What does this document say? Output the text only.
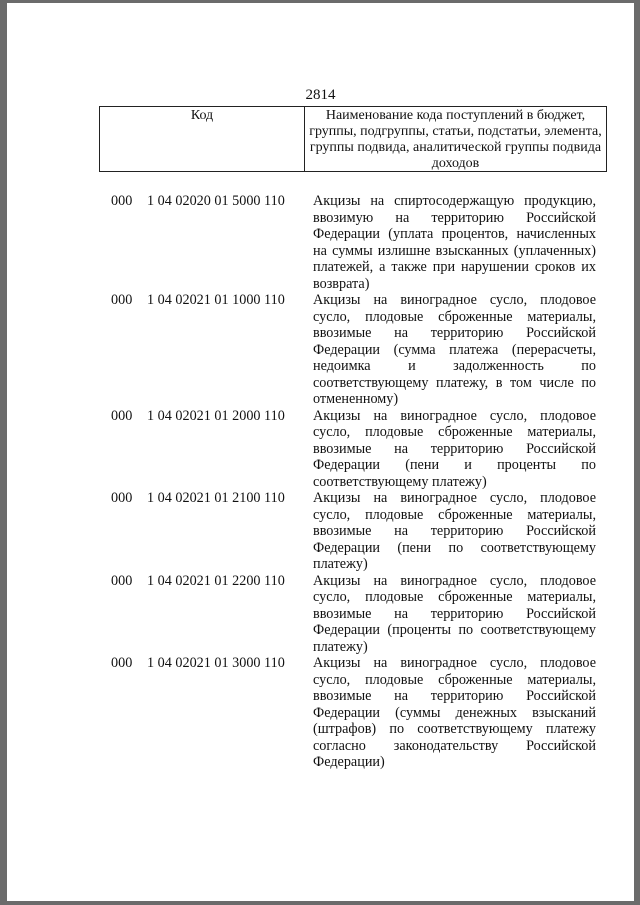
2814
Код	Наименование кода поступлений в бюджет, группы, подгруппы, статьи, подстатьи, элемента, группы подвида, аналитической группы подвида доходов
000	1 04 02020 01 5000 110	Акцизы на спиртосодержащую продукцию, ввозимую на территорию Российской Федерации (уплата процентов, начисленных на суммы излишне взысканных (уплаченных) платежей, а также при нарушении сроков их возврата)
000	1 04 02021 01 1000 110	Акцизы на виноградное сусло, плодовое сусло, плодовые сброженные материалы, ввозимые на территорию Российской Федерации (сумма платежа (перерасчеты, недоимка и задолженность по соответствующему платежу, в том числе по отмененному)
000	1 04 02021 01 2000 110	Акцизы на виноградное сусло, плодовое сусло, плодовые сброженные материалы, ввозимые на территорию Российской Федерации (пени и проценты по соответствующему платежу)
000	1 04 02021 01 2100 110	Акцизы на виноградное сусло, плодовое сусло, плодовые сброженные материалы, ввозимые на территорию Российской Федерации (пени по соответствующему платежу)
000	1 04 02021 01 2200 110	Акцизы на виноградное сусло, плодовое сусло, плодовые сброженные материалы, ввозимые на территорию Российской Федерации (проценты по соответствующему платежу)
000	1 04 02021 01 3000 110	Акцизы на виноградное сусло, плодовое сусло, плодовые сброженные материалы, ввозимые на территорию Российской Федерации (суммы денежных взысканий (штрафов) по соответствующему платежу согласно законодательству Российской Федерации)
